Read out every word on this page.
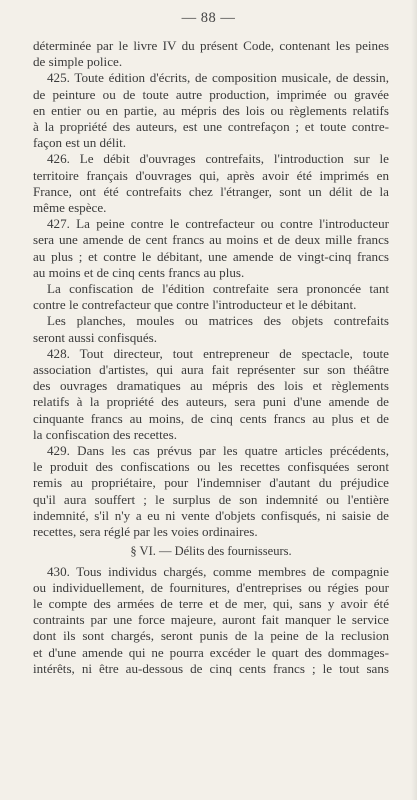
— 88 —
déterminée par le livre IV du présent Code, contenant les peines
de simple police.
425. Toute édition d'écrits, de composition musicale, de dessin,
de peinture ou de toute autre production, imprimée ou gravée
en entier ou en partie, au mépris des lois ou règlements relatifs
à la propriété des auteurs, est une contrefaçon ; et toute contre-
façon est un délit.
426. Le débit d'ouvrages contrefaits, l'introduction sur le
territoire français d'ouvrages qui, après avoir été imprimés en
France, ont été contrefaits chez l'étranger, sont un délit de la
même espèce.
427. La peine contre le contrefacteur ou contre l'introducteur
sera une amende de cent francs au moins et de deux mille francs
au plus ; et contre le débitant, une amende de vingt-cinq francs
au moins et de cinq cents francs au plus.
La confiscation de l'édition contrefaite sera prononcée tant
contre le contrefacteur que contre l'introducteur et le débitant.
Les planches, moules ou matrices des objets contrefaits
seront aussi confisqués.
428. Tout directeur, tout entrepreneur de spectacle, toute
association d'artistes, qui aura fait représenter sur son théâtre
des ouvrages dramatiques au mépris des lois et règlements
relatifs à la propriété des auteurs, sera puni d'une amende de
cinquante francs au moins, de cinq cents francs au plus et de
la confiscation des recettes.
429. Dans les cas prévus par les quatre articles précédents,
le produit des confiscations ou les recettes confisquées seront
remis au propriétaire, pour l'indemniser d'autant du préjudice
qu'il aura souffert ; le surplus de son indemnité ou l'entière
indemnité, s'il n'y a eu ni vente d'objets confisqués, ni saisie de
recettes, sera réglé par les voies ordinaires.
§ VI. — Délits des fournisseurs.
430. Tous individus chargés, comme membres de compagnie
ou individuellement, de fournitures, d'entreprises ou régies pour
le compte des armées de terre et de mer, qui, sans y avoir été
contraints par une force majeure, auront fait manquer le service
dont ils sont chargés, seront punis de la peine de la reclusion
et d'une amende qui ne pourra excéder le quart des dommages-
intérêts, ni être au-dessous de cinq cents francs ; le tout sans
